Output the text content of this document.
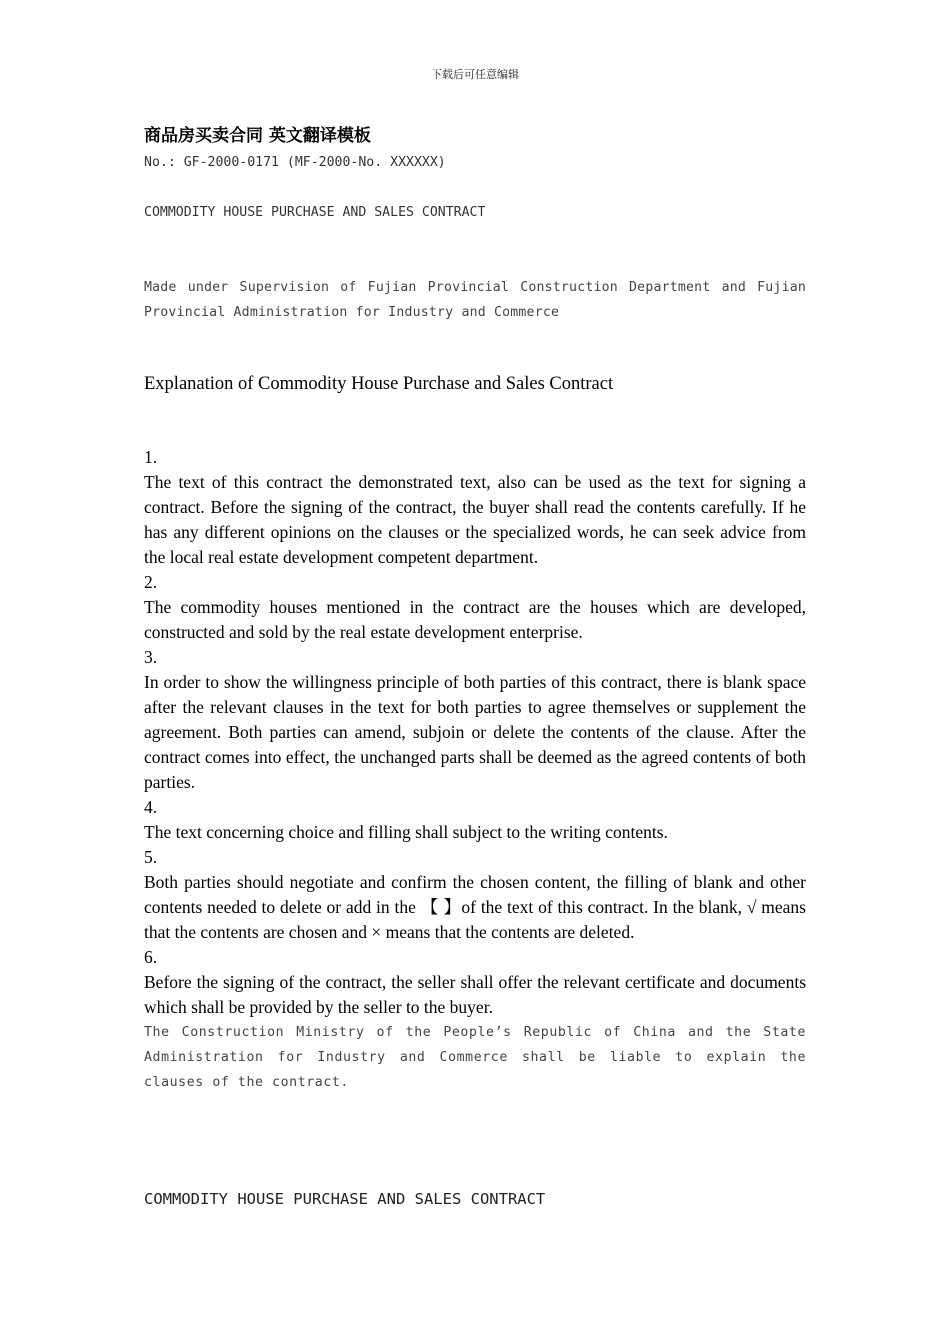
下载后可任意编辑
商品房买卖合同 英文翻译模板
No.: GF-2000-0171 (MF-2000-No. XXXXXX)
COMMODITY HOUSE PURCHASE AND SALES CONTRACT
Made under Supervision of Fujian Provincial Construction Department and Fujian Provincial Administration for Industry and Commerce
Explanation of Commodity House Purchase and Sales Contract
1.
The text of this contract the demonstrated text, also can be used as the text for signing a contract. Before the signing of the contract, the buyer shall read the contents carefully. If he has any different opinions on the clauses or the specialized words, he can seek advice from the local real estate development competent department.
2.
The commodity houses mentioned in the contract are the houses which are developed, constructed and sold by the real estate development enterprise.
3.
In order to show the willingness principle of both parties of this contract, there is blank space after the relevant clauses in the text for both parties to agree themselves or supplement the agreement. Both parties can amend, subjoin or delete the contents of the clause. After the contract comes into effect, the unchanged parts shall be deemed as the agreed contents of both parties.
4.
The text concerning choice and filling shall subject to the writing contents.
5.
Both parties should negotiate and confirm the chosen content, the filling of blank and other contents needed to delete or add in the 【 】of the text of this contract. In the blank, √ means that the contents are chosen and × means that the contents are deleted.
6.
Before the signing of the contract, the seller shall offer the relevant certificate and documents which shall be provided by the seller to the buyer.
The Construction Ministry of the People’s Republic of China and the State Administration for Industry and Commerce shall be liable to explain the clauses of the contract.
COMMODITY HOUSE PURCHASE AND SALES CONTRACT
